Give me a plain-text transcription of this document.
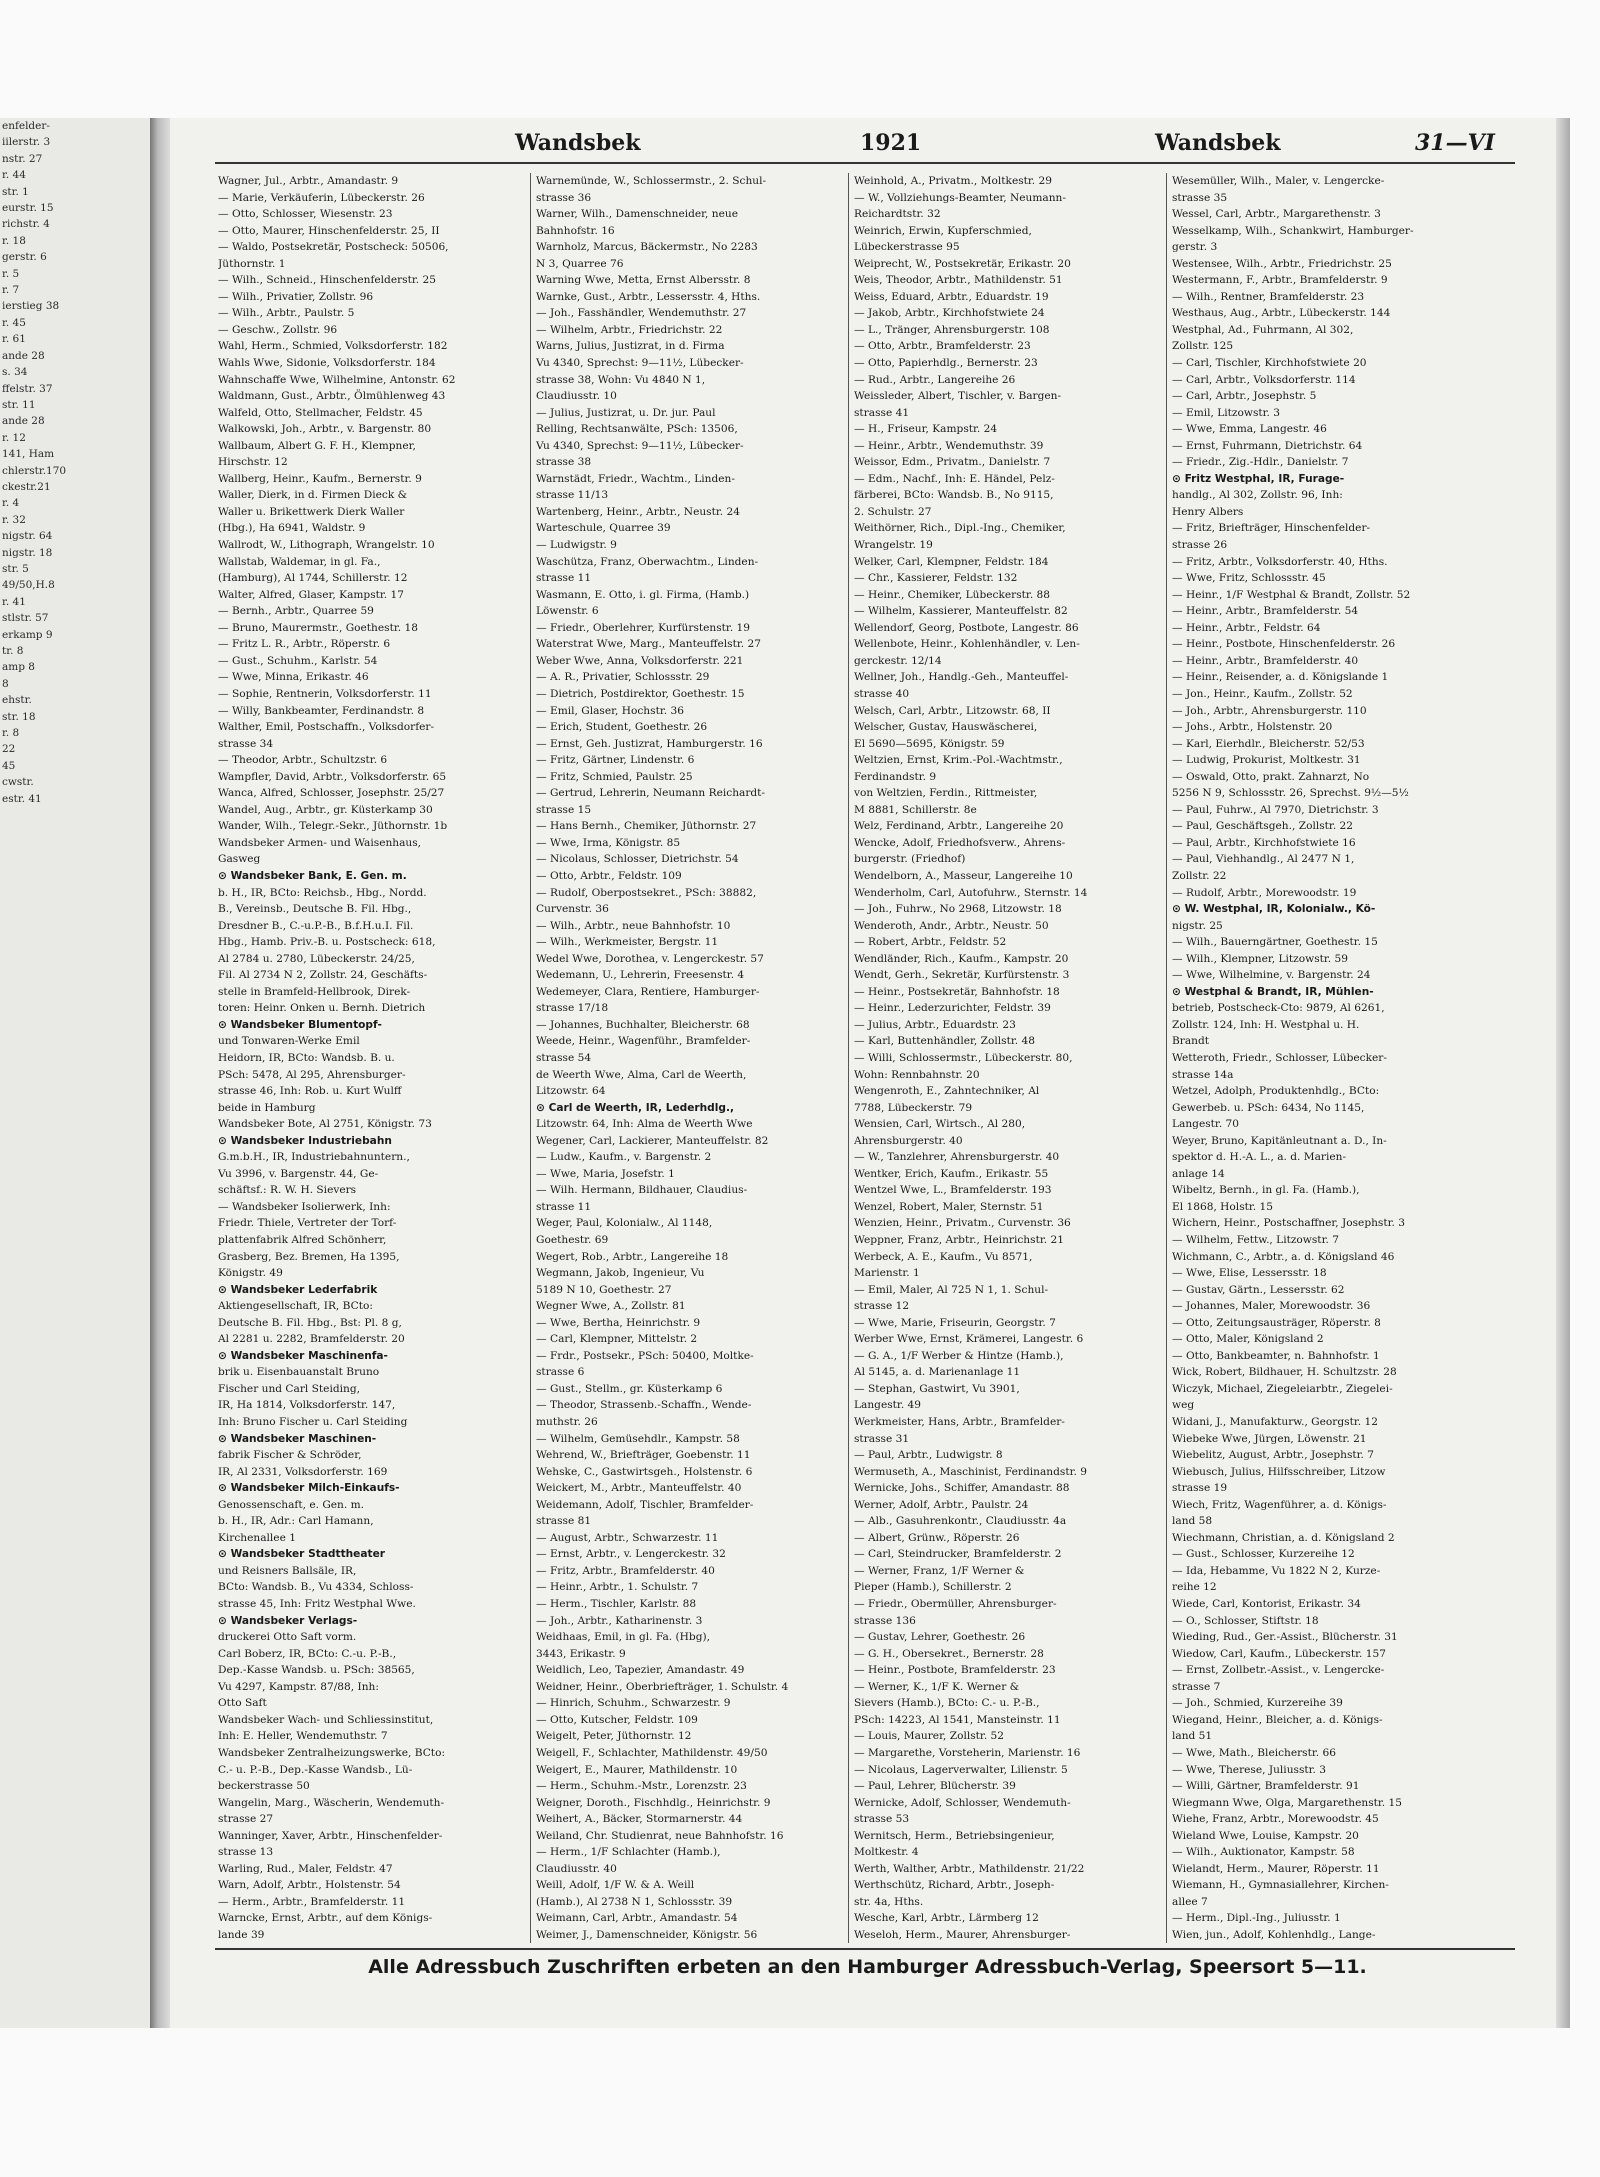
enfelder-
iilerstr. 3
nstr. 27
r. 44
str. 1
eurstr. 15
richstr. 4
r. 18
gerstr. 6
r. 5
r. 7
ierstieg 38
r. 45
r. 61
ande 28
s. 34
ffelstr. 37
str. 11
ande 28
r. 12
141, Ham
chlerstr.170
ckestr.21
r. 4
r. 32
nigstr. 64
nigstr. 18
str. 5
49/50,H.8
r. 41
stlstr. 57
erkamp 9
tr. 8
amp 8
8
ehstr.
str. 18
r. 8
22
45
cwstr.
estr. 41
Wandsbek	1921	Wandsbek	31—VI
Wagner, Jul., Arbtr., Amandastr. 9
— Marie, Verkäuferin, Lübeckerstr. 26
— Otto, Schlosser, Wiesenstr. 23
— Otto, Maurer, Hinschenfelderstr. 25, II
— Waldo, Postsekretär, Postscheck: 50506,
Jüthornstr. 1
— Wilh., Schneid., Hinschenfelderstr. 25
— Wilh., Privatier, Zollstr. 96
— Wilh., Arbtr., Paulstr. 5
— Geschw., Zollstr. 96
Wahl, Herm., Schmied, Volksdorferstr. 182
Wahls Wwe, Sidonie, Volksdorferstr. 184
Wahnschaffe Wwe, Wilhelmine, Antonstr. 62
Waldmann, Gust., Arbtr., Ölmühlenweg 43
Walfeld, Otto, Stellmacher, Feldstr. 45
Walkowski, Joh., Arbtr., v. Bargenstr. 80
Wallbaum, Albert G. F. H., Klempner,
Hirschstr. 12
Wallberg, Heinr., Kaufm., Bernerstr. 9
Waller, Dierk, in d. Firmen Dieck &
Waller u. Brikettwerk Dierk Waller
(Hbg.), Ha 6941, Waldstr. 9
Wallrodt, W., Lithograph, Wrangelstr. 10
Wallstab, Waldemar, in gl. Fa.,
(Hamburg), Al 1744, Schillerstr. 12
Walter, Alfred, Glaser, Kampstr. 17
— Bernh., Arbtr., Quarree 59
— Bruno, Maurermstr., Goethestr. 18
— Fritz L. R., Arbtr., Röperstr. 6
— Gust., Schuhm., Karlstr. 54
— Wwe, Minna, Erikastr. 46
— Sophie, Rentnerin, Volksdorferstr. 11
— Willy, Bankbeamter, Ferdinandstr. 8
Walther, Emil, Postschaffn., Volksdorfer-
strasse 34
— Theodor, Arbtr., Schultzstr. 6
Wampfler, David, Arbtr., Volksdorferstr. 65
Wanca, Alfred, Schlosser, Josephstr. 25/27
Wandel, Aug., Arbtr., gr. Küsterkamp 30
Wander, Wilh., Telegr.-Sekr., Jüthornstr. 1b
Wandsbeker Armen- und Waisenhaus,
Gasweg
⊙ Wandsbeker Bank, E. Gen. m.
b. H., IR, BCto: Reichsb., Hbg., Nordd.
B., Vereinsb., Deutsche B. Fil. Hbg.,
Dresdner B., C.-u.P.-B., B.f.H.u.I. Fil.
Hbg., Hamb. Priv.-B. u. Postscheck: 618,
Al 2784 u. 2780, Lübeckerstr. 24/25,
Fil. Al 2734 N 2, Zollstr. 24, Geschäfts-
stelle in Bramfeld-Hellbrook, Direk-
toren: Heinr. Onken u. Bernh. Dietrich
⊙ Wandsbeker Blumentopf-
und Tonwaren-Werke Emil
Heidorn, IR, BCto: Wandsb. B. u.
PSch: 5478, Al 295, Ahrensburger-
strasse 46, Inh: Rob. u. Kurt Wulff
beide in Hamburg
Wandsbeker Bote, Al 2751, Königstr. 73
⊙ Wandsbeker Industriebahn
G.m.b.H., IR, Industriebahnuntern.,
Vu 3996, v. Bargenstr. 44, Ge-
schäftsf.: R. W. H. Sievers
— Wandsbeker Isolierwerk, Inh:
Friedr. Thiele, Vertreter der Torf-
plattenfabrik Alfred Schönherr,
Grasberg, Bez. Bremen, Ha 1395,
Königstr. 49
⊙ Wandsbeker Lederfabrik
Aktiengesellschaft, IR, BCto:
Deutsche B. Fil. Hbg., Bst: Pl. 8 g,
Al 2281 u. 2282, Bramfelderstr. 20
⊙ Wandsbeker Maschinenfa-
brik u. Eisenbauanstalt Bruno
Fischer und Carl Steiding,
IR, Ha 1814, Volksdorferstr. 147,
Inh: Bruno Fischer u. Carl Steiding
⊙ Wandsbeker Maschinen-
fabrik Fischer & Schröder,
IR, Al 2331, Volksdorferstr. 169
⊙ Wandsbeker Milch-Einkaufs-
Genossenschaft, e. Gen. m.
b. H., IR, Adr.: Carl Hamann,
Kirchenallee 1
⊙ Wandsbeker Stadttheater
und Reisners Ballsäle, IR,
BCto: Wandsb. B., Vu 4334, Schloss-
strasse 45, Inh: Fritz Westphal Wwe.
⊙ Wandsbeker Verlags-
druckerei Otto Saft vorm.
Carl Boberz, IR, BCto: C.-u. P.-B.,
Dep.-Kasse Wandsb. u. PSch: 38565,
Vu 4297, Kampstr. 87/88, Inh:
Otto Saft
Wandsbeker Wach- und Schliessinstitut,
Inh: E. Heller, Wendemuthstr. 7
Wandsbeker Zentralheizungswerke, BCto:
C.- u. P.-B., Dep.-Kasse Wandsb., Lü-
beckerstrasse 50
Wangelin, Marg., Wäscherin, Wendemuth-
strasse 27
Wanninger, Xaver, Arbtr., Hinschenfelder-
strasse 13
Warling, Rud., Maler, Feldstr. 47
Warn, Adolf, Arbtr., Holstenstr. 54
— Herm., Arbtr., Bramfelderstr. 11
Warncke, Ernst, Arbtr., auf dem Königs-
lande 39
Warnemünde, W., Schlossermstr., 2. Schul-
strasse 36
Warner, Wilh., Damenschneider, neue
Bahnhofstr. 16
Warnholz, Marcus, Bäckermstr., No 2283
N 3, Quarree 76
Warning Wwe, Metta, Ernst Albersstr. 8
Warnke, Gust., Arbtr., Lessersstr. 4, Hths.
— Joh., Fasshändler, Wendemuthstr. 27
— Wilhelm, Arbtr., Friedrichstr. 22
Warns, Julius, Justizrat, in d. Firma
Vu 4340, Sprechst: 9—11½, Lübecker-
strasse 38, Wohn: Vu 4840 N 1,
Claudiusstr. 10
— Julius, Justizrat, u. Dr. jur. Paul
Relling, Rechtsanwälte, PSch: 13506,
Vu 4340, Sprechst: 9—11½, Lübecker-
strasse 38
Warnstädt, Friedr., Wachtm., Linden-
strasse 11/13
Wartenberg, Heinr., Arbtr., Neustr. 24
Warteschule, Quarree 39
— Ludwigstr. 9
Waschütza, Franz, Oberwachtm., Linden-
strasse 11
Wasmann, E. Otto, i. gl. Firma, (Hamb.)
Löwenstr. 6
— Friedr., Oberlehrer, Kurfürstenstr. 19
Waterstrat Wwe, Marg., Manteuffelstr. 27
Weber Wwe, Anna, Volksdorferstr. 221
— A. R., Privatier, Schlossstr. 29
— Dietrich, Postdirektor, Goethestr. 15
— Emil, Glaser, Hochstr. 36
— Erich, Student, Goethestr. 26
— Ernst, Geh. Justizrat, Hamburgerstr. 16
— Fritz, Gärtner, Lindenstr. 6
— Fritz, Schmied, Paulstr. 25
— Gertrud, Lehrerin, Neumann Reichardt-
strasse 15
— Hans Bernh., Chemiker, Jüthornstr. 27
— Wwe, Irma, Königstr. 85
— Nicolaus, Schlosser, Dietrichstr. 54
— Otto, Arbtr., Feldstr. 109
— Rudolf, Oberpostsekret., PSch: 38882,
Curvenstr. 36
— Wilh., Arbtr., neue Bahnhofstr. 10
— Wilh., Werkmeister, Bergstr. 11
Wedel Wwe, Dorothea, v. Lengerckestr. 57
Wedemann, U., Lehrerin, Freesenstr. 4
Wedemeyer, Clara, Rentiere, Hamburger-
strasse 17/18
— Johannes, Buchhalter, Bleicherstr. 68
Weede, Heinr., Wagenführ., Bramfelder-
strasse 54
de Weerth Wwe, Alma, Carl de Weerth,
Litzowstr. 64
⊙ Carl de Weerth, IR, Lederhdlg.,
Litzowstr. 64, Inh: Alma de Weerth Wwe
Wegener, Carl, Lackierer, Manteuffelstr. 82
— Ludw., Kaufm., v. Bargenstr. 2
— Wwe, Maria, Josefstr. 1
— Wilh. Hermann, Bildhauer, Claudius-
strasse 11
Weger, Paul, Kolonialw., Al 1148,
Goethestr. 69
Wegert, Rob., Arbtr., Langereihe 18
Wegmann, Jakob, Ingenieur, Vu
5189 N 10, Goethestr. 27
Wegner Wwe, A., Zollstr. 81
— Wwe, Bertha, Heinrichstr. 9
— Carl, Klempner, Mittelstr. 2
— Frdr., Postsekr., PSch: 50400, Moltke-
strasse 6
— Gust., Stellm., gr. Küsterkamp 6
— Theodor, Strassenb.-Schaffn., Wende-
muthstr. 26
— Wilhelm, Gemüsehdlr., Kampstr. 58
Wehrend, W., Briefträger, Goebenstr. 11
Wehske, C., Gastwirtsgeh., Holstenstr. 6
Weickert, M., Arbtr., Manteuffelstr. 40
Weidemann, Adolf, Tischler, Bramfelder-
strasse 81
— August, Arbtr., Schwarzestr. 11
— Ernst, Arbtr., v. Lengerckestr. 32
— Fritz, Arbtr., Bramfelderstr. 40
— Heinr., Arbtr., 1. Schulstr. 7
— Herm., Tischler, Karlstr. 88
— Joh., Arbtr., Katharinenstr. 3
Weidhaas, Emil, in gl. Fa. (Hbg),
3443, Erikastr. 9
Weidlich, Leo, Tapezier, Amandastr. 49
Weidner, Heinr., Oberbriefträger, 1. Schulstr. 4
— Hinrich, Schuhm., Schwarzestr. 9
— Otto, Kutscher, Feldstr. 109
Weigelt, Peter, Jüthornstr. 12
Weigell, F., Schlachter, Mathildenstr. 49/50
Weigert, E., Maurer, Mathildenstr. 10
— Herm., Schuhm.-Mstr., Lorenzstr. 23
Weigner, Doroth., Fischhdlg., Heinrichstr. 9
Weihert, A., Bäcker, Stormarnerstr. 44
Weiland, Chr. Studienrat, neue Bahnhofstr. 16
— Herm., 1/F Schlachter (Hamb.),
Claudiusstr. 40
Weill, Adolf, 1/F W. & A. Weill
(Hamb.), Al 2738 N 1, Schlossstr. 39
Weimann, Carl, Arbtr., Amandastr. 54
Weimer, J., Damenschneider, Königstr. 56
Weinhold, A., Privatm., Moltkestr. 29
— W., Vollziehungs-Beamter, Neumann-
Reichardtstr. 32
Weinrich, Erwin, Kupferschmied,
Lübeckerstrasse 95
Weiprecht, W., Postsekretär, Erikastr. 20
Weis, Theodor, Arbtr., Mathildenstr. 51
Weiss, Eduard, Arbtr., Eduardstr. 19
— Jakob, Arbtr., Kirchhofstwiete 24
— L., Tränger, Ahrensburgerstr. 108
— Otto, Arbtr., Bramfelderstr. 23
— Otto, Papierhdlg., Bernerstr. 23
— Rud., Arbtr., Langereihe 26
Weissleder, Albert, Tischler, v. Bargen-
strasse 41
— H., Friseur, Kampstr. 24
— Heinr., Arbtr., Wendemuthstr. 39
Weissor, Edm., Privatm., Danielstr. 7
— Edm., Nachf., Inh: E. Händel, Pelz-
färberei, BCto: Wandsb. B., No 9115,
2. Schulstr. 27
Weithörner, Rich., Dipl.-Ing., Chemiker,
Wrangelstr. 19
Welker, Carl, Klempner, Feldstr. 184
— Chr., Kassierer, Feldstr. 132
— Heinr., Chemiker, Lübeckerstr. 88
— Wilhelm, Kassierer, Manteuffelstr. 82
Wellendorf, Georg, Postbote, Langestr. 86
Wellenbote, Heinr., Kohlenhändler, v. Len-
gerckestr. 12/14
Wellner, Joh., Handlg.-Geh., Manteuffel-
strasse 40
Welsch, Carl, Arbtr., Litzowstr. 68, II
Welscher, Gustav, Hauswäscherei,
El 5690—5695, Königstr. 59
Weltzien, Ernst, Krim.-Pol.-Wachtmstr.,
Ferdinandstr. 9
von Weltzien, Ferdin., Rittmeister,
M 8881, Schillerstr. 8e
Welz, Ferdinand, Arbtr., Langereihe 20
Wencke, Adolf, Friedhofsverw., Ahrens-
burgerstr. (Friedhof)
Wendelborn, A., Masseur, Langereihe 10
Wenderholm, Carl, Autofuhrw., Sternstr. 14
— Joh., Fuhrw., No 2968, Litzowstr. 18
Wenderoth, Andr., Arbtr., Neustr. 50
— Robert, Arbtr., Feldstr. 52
Wendländer, Rich., Kaufm., Kampstr. 20
Wendt, Gerh., Sekretär, Kurfürstenstr. 3
— Heinr., Postsekretär, Bahnhofstr. 18
— Heinr., Lederzurichter, Feldstr. 39
— Julius, Arbtr., Eduardstr. 23
— Karl, Buttenhändler, Zollstr. 48
— Willi, Schlossermstr., Lübeckerstr. 80,
Wohn: Rennbahnstr. 20
Wengenroth, E., Zahntechniker, Al
7788, Lübeckerstr. 79
Wensien, Carl, Wirtsch., Al 280,
Ahrensburgerstr. 40
— W., Tanzlehrer, Ahrensburgerstr. 40
Wentker, Erich, Kaufm., Erikastr. 55
Wentzel Wwe, L., Bramfelderstr. 193
Wenzel, Robert, Maler, Sternstr. 51
Wenzien, Heinr., Privatm., Curvenstr. 36
Weppner, Franz, Arbtr., Heinrichstr. 21
Werbeck, A. E., Kaufm., Vu 8571,
Marienstr. 1
— Emil, Maler, Al 725 N 1, 1. Schul-
strasse 12
— Wwe, Marie, Friseurin, Georgstr. 7
Werber Wwe, Ernst, Krämerei, Langestr. 6
— G. A., 1/F Werber & Hintze (Hamb.),
Al 5145, a. d. Marienanlage 11
— Stephan, Gastwirt, Vu 3901,
Langestr. 49
Werkmeister, Hans, Arbtr., Bramfelder-
strasse 31
— Paul, Arbtr., Ludwigstr. 8
Wermuseth, A., Maschinist, Ferdinandstr. 9
Wernicke, Johs., Schiffer, Amandastr. 88
Werner, Adolf, Arbtr., Paulstr. 24
— Alb., Gasuhrenkontr., Claudiusstr. 4a
— Albert, Grünw., Röperstr. 26
— Carl, Steindrucker, Bramfelderstr. 2
— Werner, Franz, 1/F Werner &
Pieper (Hamb.), Schillerstr. 2
— Friedr., Obermüller, Ahrensburger-
strasse 136
— Gustav, Lehrer, Goethestr. 26
— G. H., Obersekret., Bernerstr. 28
— Heinr., Postbote, Bramfelderstr. 23
— Werner, K., 1/F K. Werner &
Sievers (Hamb.), BCto: C.- u. P.-B.,
PSch: 14223, Al 1541, Mansteinstr. 11
— Louis, Maurer, Zollstr. 52
— Margarethe, Vorsteherin, Marienstr. 16
— Nicolaus, Lagerverwalter, Lilienstr. 5
— Paul, Lehrer, Blücherstr. 39
Wernicke, Adolf, Schlosser, Wendemuth-
strasse 53
Wernitsch, Herm., Betriebsingenieur,
Moltkestr. 4
Werth, Walther, Arbtr., Mathildenstr. 21/22
Werthschütz, Richard, Arbtr., Joseph-
str. 4a, Hths.
Wesche, Karl, Arbtr., Lärmberg 12
Weseloh, Herm., Maurer, Ahrensburger-
Wesemüller, Wilh., Maler, v. Lengercke-
strasse 35
Wessel, Carl, Arbtr., Margarethenstr. 3
Wesselkamp, Wilh., Schankwirt, Hamburger-
gerstr. 3
Westensee, Wilh., Arbtr., Friedrichstr. 25
Westermann, F., Arbtr., Bramfelderstr. 9
— Wilh., Rentner, Bramfelderstr. 23
Westhaus, Aug., Arbtr., Lübeckerstr. 144
Westphal, Ad., Fuhrmann, Al 302,
Zollstr. 125
— Carl, Tischler, Kirchhofstwiete 20
— Carl, Arbtr., Volksdorferstr. 114
— Carl, Arbtr., Josephstr. 5
— Emil, Litzowstr. 3
— Wwe, Emma, Langestr. 46
— Ernst, Fuhrmann, Dietrichstr. 64
— Friedr., Zig.-Hdlr., Danielstr. 7
⊙ Fritz Westphal, IR, Furage-
handlg., Al 302, Zollstr. 96, Inh:
Henry Albers
— Fritz, Briefträger, Hinschenfelder-
strasse 26
— Fritz, Arbtr., Volksdorferstr. 40, Hths.
— Wwe, Fritz, Schlossstr. 45
— Heinr., 1/F Westphal & Brandt, Zollstr. 52
— Heinr., Arbtr., Bramfelderstr. 54
— Heinr., Arbtr., Feldstr. 64
— Heinr., Postbote, Hinschenfelderstr. 26
— Heinr., Arbtr., Bramfelderstr. 40
— Heinr., Reisender, a. d. Königslande 1
— Jon., Heinr., Kaufm., Zollstr. 52
— Joh., Arbtr., Ahrensburgerstr. 110
— Johs., Arbtr., Holstenstr. 20
— Karl, Eierhdlr., Bleicherstr. 52/53
— Ludwig, Prokurist, Moltkestr. 31
— Oswald, Otto, prakt. Zahnarzt, No
5256 N 9, Schlossstr. 26, Sprechst. 9½—5½
— Paul, Fuhrw., Al 7970, Dietrichstr. 3
— Paul, Geschäftsgeh., Zollstr. 22
— Paul, Arbtr., Kirchhofstwiete 16
— Paul, Viehhandlg., Al 2477 N 1,
Zollstr. 22
— Rudolf, Arbtr., Morewoodstr. 19
⊙ W. Westphal, IR, Kolonialw., Kö-
nigstr. 25
— Wilh., Bauerngärtner, Goethestr. 15
— Wilh., Klempner, Litzowstr. 59
— Wwe, Wilhelmine, v. Bargenstr. 24
⊙ Westphal & Brandt, IR, Mühlen-
betrieb, Postscheck-Cto: 9879, Al 6261,
Zollstr. 124, Inh: H. Westphal u. H.
Brandt
Wetteroth, Friedr., Schlosser, Lübecker-
strasse 14a
Wetzel, Adolph, Produktenhdlg., BCto:
Gewerbeb. u. PSch: 6434, No 1145,
Langestr. 70
Weyer, Bruno, Kapitänleutnant a. D., In-
spektor d. H.-A. L., a. d. Marien-
anlage 14
Wibeltz, Bernh., in gl. Fa. (Hamb.),
El 1868, Holstr. 15
Wichern, Heinr., Postschaffner, Josephstr. 3
— Wilhelm, Fettw., Litzowstr. 7
Wichmann, C., Arbtr., a. d. Königsland 46
— Wwe, Elise, Lessersstr. 18
— Gustav, Gärtn., Lessersstr. 62
— Johannes, Maler, Morewoodstr. 36
— Otto, Zeitungsausträger, Röperstr. 8
— Otto, Maler, Königsland 2
— Otto, Bankbeamter, n. Bahnhofstr. 1
Wick, Robert, Bildhauer, H. Schultzstr. 28
Wiczyk, Michael, Ziegeleiarbtr., Ziegelei-
weg
Widani, J., Manufakturw., Georgstr. 12
Wiebeke Wwe, Jürgen, Löwenstr. 21
Wiebelitz, August, Arbtr., Josephstr. 7
Wiebusch, Julius, Hilfsschreiber, Litzow
strasse 19
Wiech, Fritz, Wagenführer, a. d. Königs-
land 58
Wiechmann, Christian, a. d. Königsland 2
— Gust., Schlosser, Kurzereihe 12
— Ida, Hebamme, Vu 1822 N 2, Kurze-
reihe 12
Wiede, Carl, Kontorist, Erikastr. 34
— O., Schlosser, Stiftstr. 18
Wieding, Rud., Ger.-Assist., Blücherstr. 31
Wiedow, Carl, Kaufm., Lübeckerstr. 157
— Ernst, Zollbetr.-Assist., v. Lengercke-
strasse 7
— Joh., Schmied, Kurzereihe 39
Wiegand, Heinr., Bleicher, a. d. Königs-
land 51
— Wwe, Math., Bleicherstr. 66
— Wwe, Therese, Juliusstr. 3
— Willi, Gärtner, Bramfelderstr. 91
Wiegmann Wwe, Olga, Margarethenstr. 15
Wiehe, Franz, Arbtr., Morewoodstr. 45
Wieland Wwe, Louise, Kampstr. 20
— Wilh., Auktionator, Kampstr. 58
Wielandt, Herm., Maurer, Röperstr. 11
Wiemann, H., Gymnasiallehrer, Kirchen-
allee 7
— Herm., Dipl.-Ing., Juliusstr. 1
Wien, jun., Adolf, Kohlenhdlg., Lange-
Alle Adressbuch Zuschriften erbeten an den Hamburger Adressbuch-Verlag, Speersort 5—11.
